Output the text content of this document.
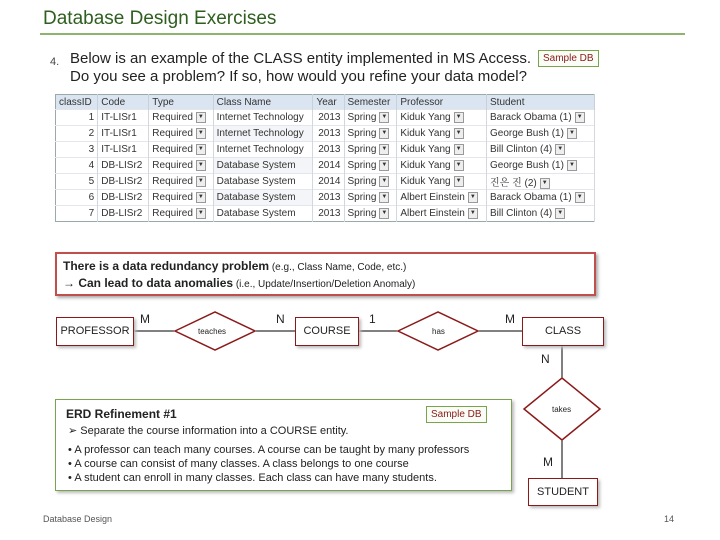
Database Design Exercises
4. Below is an example of the CLASS entity implemented in MS Access.
Do you see a problem? If so, how would you refine your data model?
Sample DB
classID	Code	Type	Class Name	Year	Semester	Professor	Student
1	IT-LISr1	Required ▼	Internet Technology	2013	Spring ▼	Kiduk Yang ▼	Barack Obama (1) ▼
2	IT-LISr1	Required ▼	Internet Technology	2013	Spring ▼	Kiduk Yang ▼	George Bush (1) ▼
3	IT-LISr1	Required ▼	Internet Technology	2013	Spring ▼	Kiduk Yang ▼	Bill Clinton (4) ▼
4	DB-LISr2	Required ▼	Database System	2014	Spring ▼	Kiduk Yang ▼	George Bush (1) ▼
5	DB-LISr2	Required ▼	Database System	2014	Spring ▼	Kiduk Yang ▼	진은 진 (2) ▼
6	DB-LISr2	Required ▼	Database System	2013	Spring ▼	Albert Einstein ▼	Barack Obama (1) ▼
7	DB-LISr2	Required ▼	Database System	2013	Spring ▼	Albert Einstein ▼	Bill Clinton (4) ▼
There is a data redundancy problem (e.g., Class Name, Code, etc.)
→ Can lead to data anomalies (i.e., Update/Insertion/Deletion Anomaly)
PROFESSOR	COURSE	CLASS
STUDENT
teaches	has
takes
M	N	1	M
N
M
ERD Refinement #1	Sample DB
➢ Separate the course information into a COURSE entity.
• A professor can teach many courses. A course can be taught by many professors
• A course can consist of many classes. A class belongs to one course
• A student can enroll in many classes. Each class can have many students.
Database Design	14
